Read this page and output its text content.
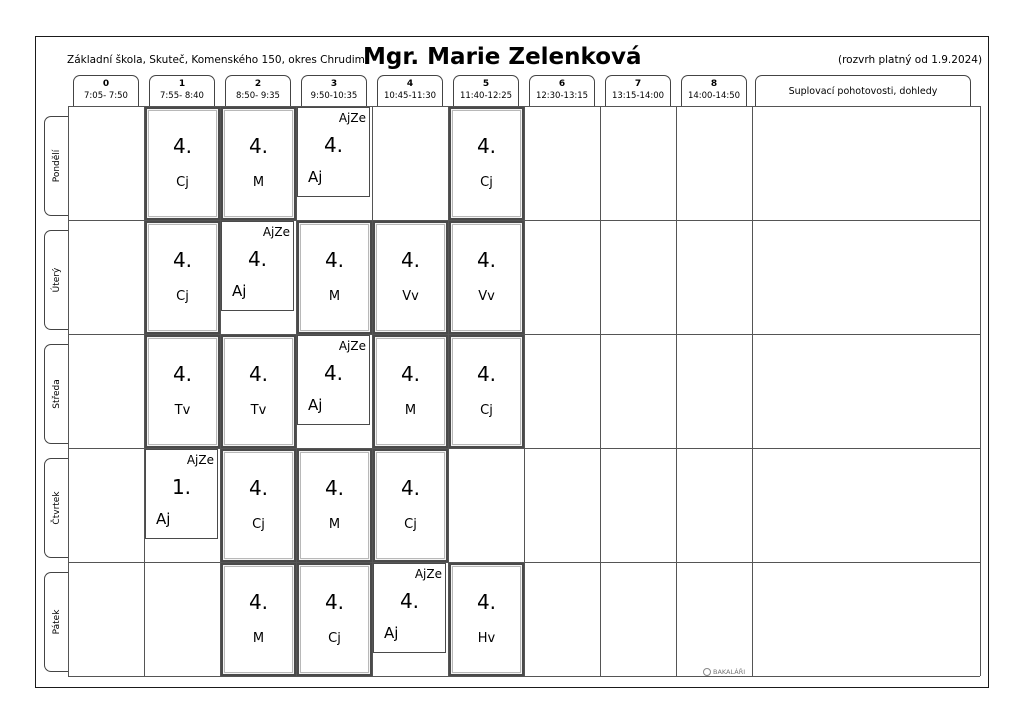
Základní škola, Skuteč, Komenského 150, okres Chrudim
Mgr. Marie Zelenková	(rozvrh platný od 1.9.2024)
0
7:05- 7:50
1
7:55- 8:40
2
8:50- 9:35
3
9:50-10:35
4
10:45-11:30
5
11:40-12:25
6
12:30-13:15
7
13:15-14:00
8
14:00-14:50	Suplovací pohotovosti, dohledy
Pondělí
Úterý
Středa
Čtvrtek
Pátek
4.
Cj
4.
M
AjZe
4.
Aj
4.
Cj
4.
Cj
AjZe
4.
Aj
4.
M
4.
Vv
4.
Vv
4.
Tv
4.
Tv
AjZe
4.
Aj
4.
M
4.
Cj
AjZe
1.
Aj
4.
Cj
4.
M
4.
Cj
4.
M
4.
Cj
AjZe
4.
Aj
4.
Hv
BAKALÁŘI
